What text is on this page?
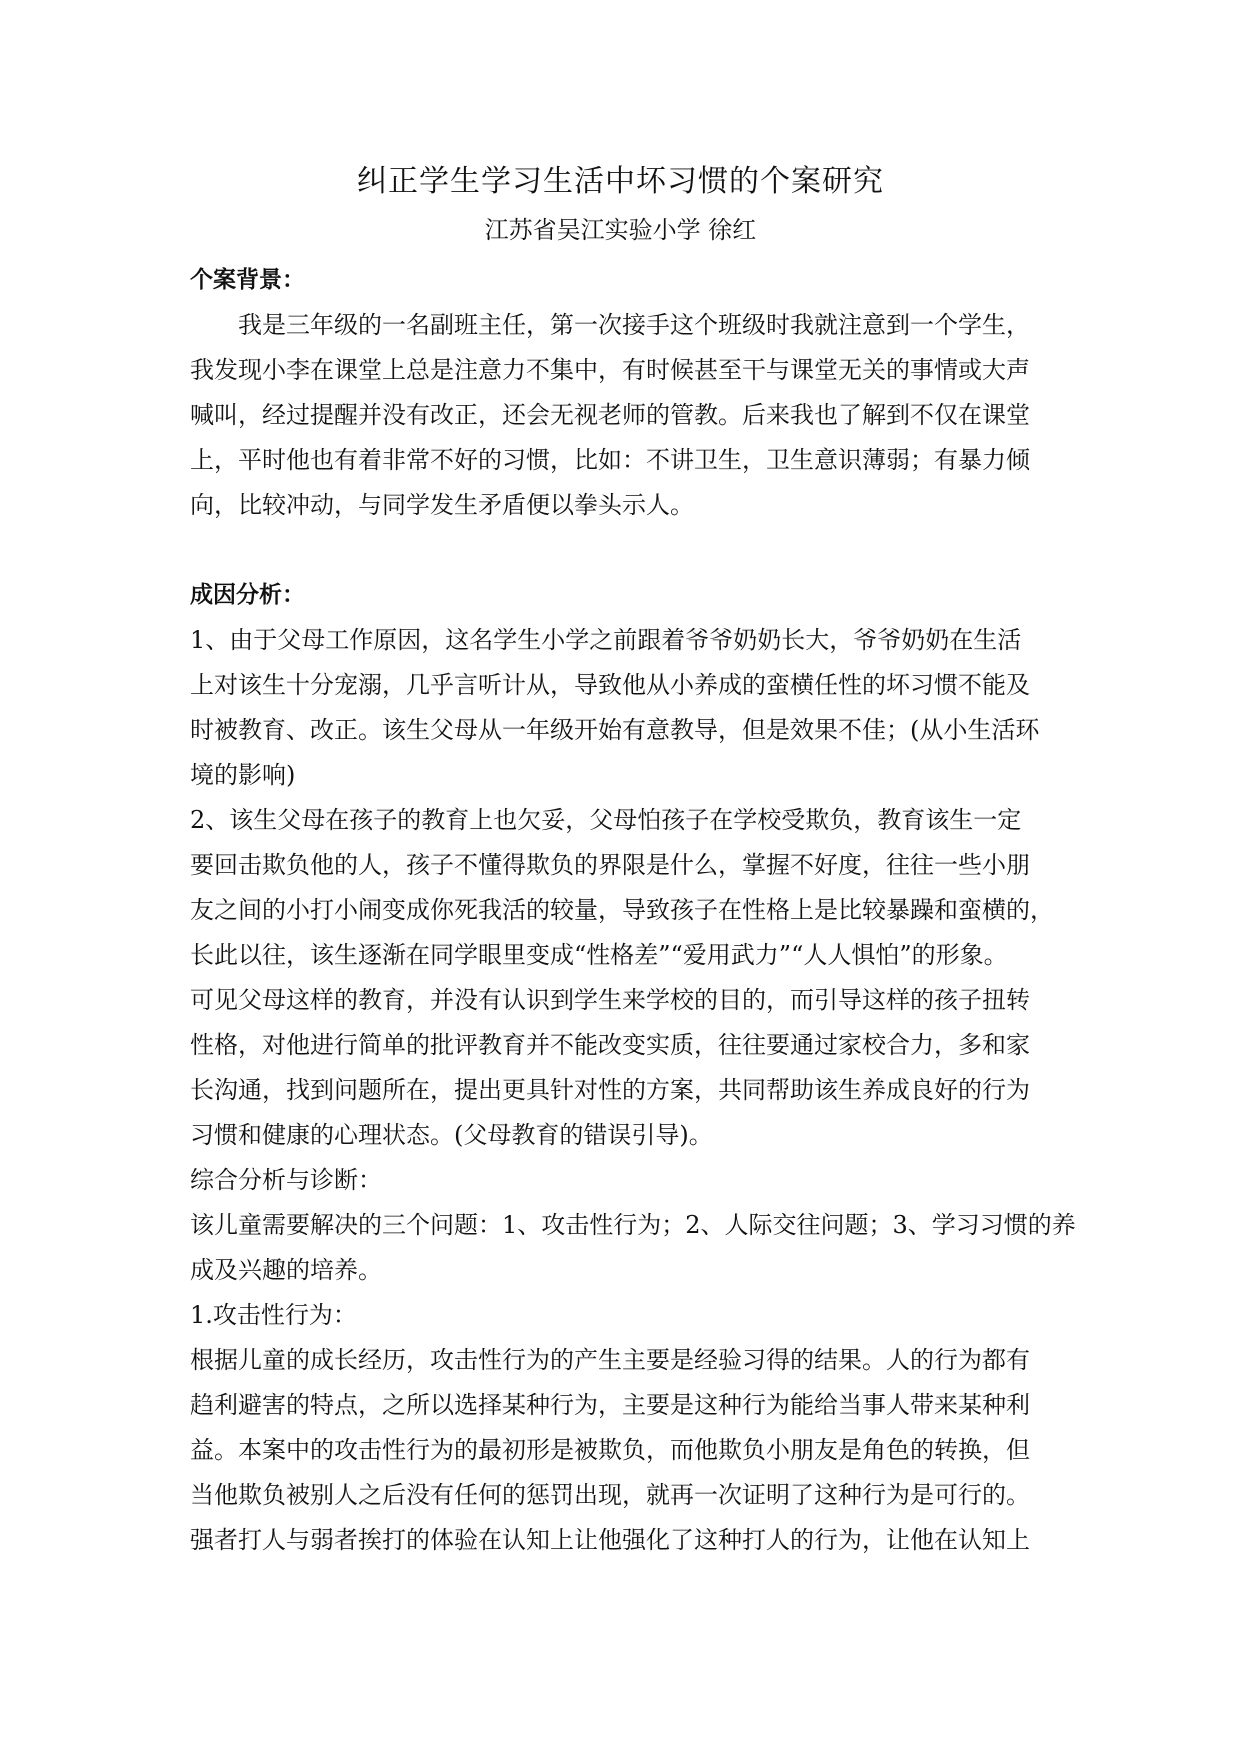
纠正学生学习生活中坏习惯的个案研究
江苏省吴江实验小学 徐红
个案背景：
我是三年级的一名副班主任，第一次接手这个班级时我就注意到一个学生，
我发现小李在课堂上总是注意力不集中，有时候甚至干与课堂无关的事情或大声
喊叫，经过提醒并没有改正，还会无视老师的管教。后来我也了解到不仅在课堂
上，平时他也有着非常不好的习惯，比如：不讲卫生，卫生意识薄弱；有暴力倾
向，比较冲动，与同学发生矛盾便以拳头示人。
成因分析：
1、由于父母工作原因，这名学生小学之前跟着爷爷奶奶长大，爷爷奶奶在生活
上对该生十分宠溺，几乎言听计从，导致他从小养成的蛮横任性的坏习惯不能及
时被教育、改正。该生父母从一年级开始有意教导，但是效果不佳；(从小生活环
境的影响)
2、该生父母在孩子的教育上也欠妥，父母怕孩子在学校受欺负，教育该生一定
要回击欺负他的人，孩子不懂得欺负的界限是什么，掌握不好度，往往一些小朋
友之间的小打小闹变成你死我活的较量，导致孩子在性格上是比较暴躁和蛮横的，
长此以往，该生逐渐在同学眼里变成“性格差”“爱用武力”“人人惧怕”的形象。
可见父母这样的教育，并没有认识到学生来学校的目的，而引导这样的孩子扭转
性格，对他进行简单的批评教育并不能改变实质，往往要通过家校合力，多和家
长沟通，找到问题所在，提出更具针对性的方案，共同帮助该生养成良好的行为
习惯和健康的心理状态。(父母教育的错误引导)。
综合分析与诊断：
该儿童需要解决的三个问题：1、攻击性行为；2、人际交往问题；3、学习习惯的养
成及兴趣的培养。
1.攻击性行为：
根据儿童的成长经历，攻击性行为的产生主要是经验习得的结果。人的行为都有
趋利避害的特点，之所以选择某种行为，主要是这种行为能给当事人带来某种利
益。本案中的攻击性行为的最初形是被欺负，而他欺负小朋友是角色的转换，但
当他欺负被别人之后没有任何的惩罚出现，就再一次证明了这种行为是可行的。
强者打人与弱者挨打的体验在认知上让他强化了这种打人的行为，让他在认知上
